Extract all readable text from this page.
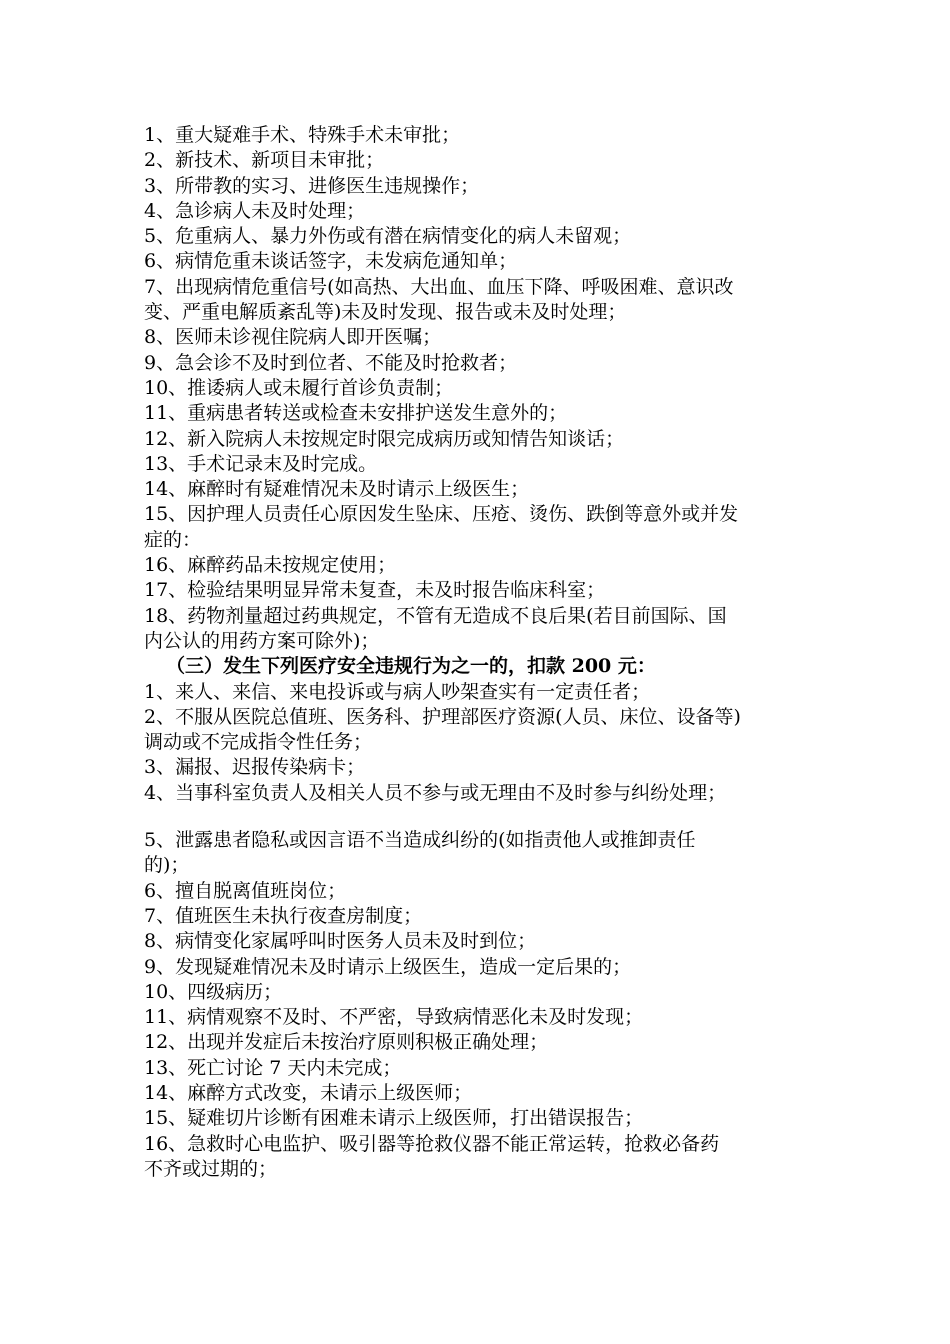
1、重大疑难手术、特殊手术未审批；
2、新技术、新项目未审批；
3、所带教的实习、进修医生违规操作；
4、急诊病人未及时处理；
5、危重病人、暴力外伤或有潜在病情变化的病人未留观；
6、病情危重未谈话签字，未发病危通知单；
7、出现病情危重信号(如高热、大出血、血压下降、呼吸困难、意识改
变、严重电解质紊乱等)未及时发现、报告或未及时处理；
8、医师未诊视住院病人即开医嘱；
9、急会诊不及时到位者、不能及时抢救者；
10、推诿病人或未履行首诊负责制；
11、重病患者转送或检查未安排护送发生意外的；
12、新入院病人未按规定时限完成病历或知情告知谈话；
13、手术记录末及时完成。
14、麻醉时有疑难情况未及时请示上级医生；
15、因护理人员责任心原因发生坠床、压疮、烫伤、跌倒等意外或并发
症的：
16、麻醉药品未按规定使用；
17、检验结果明显异常未复查，未及时报告临床科室；
18、药物剂量超过药典规定，不管有无造成不良后果(若目前国际、国
内公认的用药方案可除外)；
（三）发生下列医疗安全违规行为之一的，扣款 200 元：
1、来人、来信、来电投诉或与病人吵架查实有一定责任者；
2、不服从医院总值班、医务科、护理部医疗资源(人员、床位、设备等)
调动或不完成指令性任务；
3、漏报、迟报传染病卡；
4、当事科室负责人及相关人员不参与或无理由不及时参与纠纷处理；
5、泄露患者隐私或因言语不当造成纠纷的(如指责他人或推卸责任
的)；
6、擅自脱离值班岗位；
7、值班医生未执行夜查房制度；
8、病情变化家属呼叫时医务人员未及时到位；
9、发现疑难情况未及时请示上级医生，造成一定后果的；
10、四级病历；
11、病情观察不及时、不严密，导致病情恶化未及时发现；
12、出现并发症后未按治疗原则积极正确处理；
13、死亡讨论 7 天内未完成；
14、麻醉方式改变，未请示上级医师；
15、疑难切片诊断有困难未请示上级医师，打出错误报告；
16、急救时心电监护、吸引器等抢救仪器不能正常运转，抢救必备药
不齐或过期的；
